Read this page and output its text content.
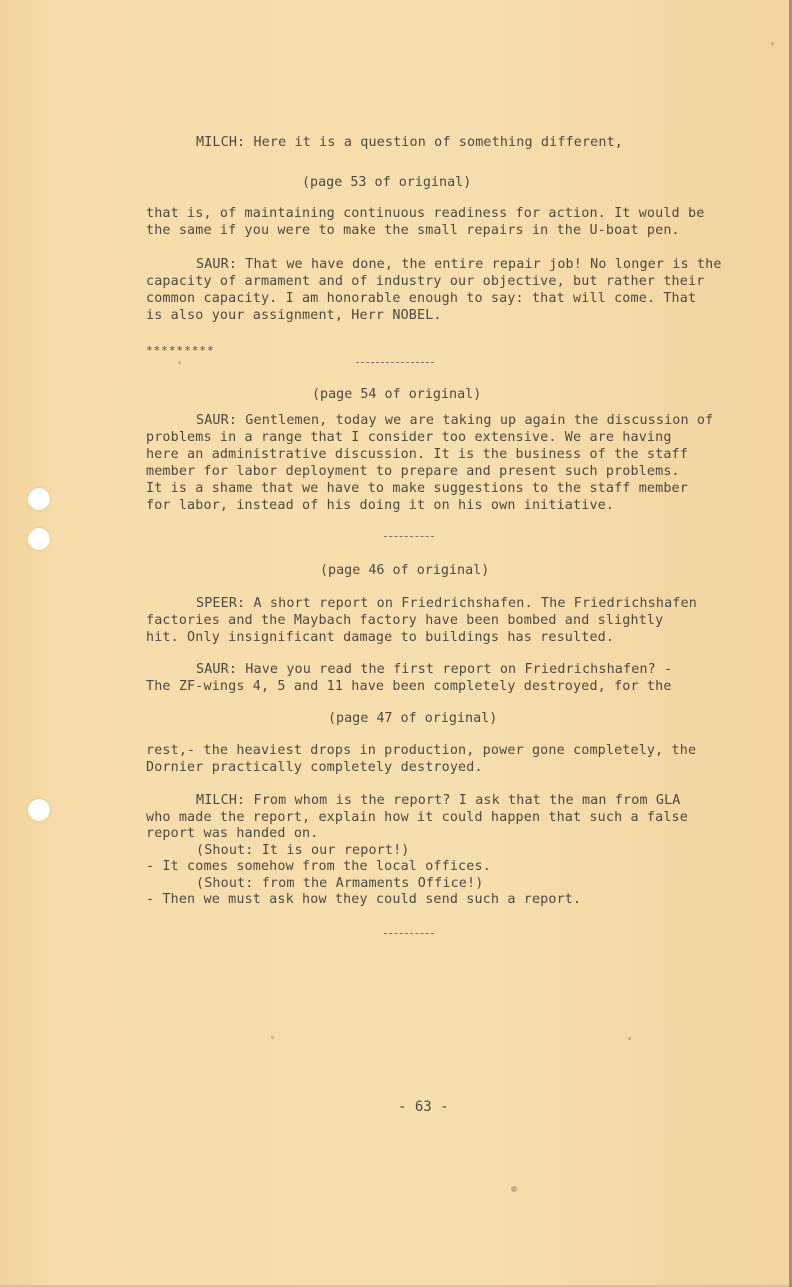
MILCH: Here it is a question of something different,
(page 53 of original)
that is, of maintaining continuous readiness for action. It would be
the same if you were to make the small repairs in the U-boat pen.
SAUR: That we have done, the entire repair job! No longer is the
capacity of armament and of industry our objective, but rather their
common capacity. I am honorable enough to say: that will come. That
is also your assignment, Herr NOBEL.
*********
(page 54 of original)
SAUR: Gentlemen, today we are taking up again the discussion of
problems in a range that I consider too extensive. We are having
here an administrative discussion. It is the business of the staff
member for labor deployment to prepare and present such problems.
It is a shame that we have to make suggestions to the staff member
for labor, instead of his doing it on his own initiative.
(page 46 of original)
SPEER: A short report on Friedrichshafen. The Friedrichshafen
factories and the Maybach factory have been bombed and slightly
hit. Only insignificant damage to buildings has resulted.
SAUR: Have you read the first report on Friedrichshafen? -
The ZF-wings 4, 5 and 11 have been completely destroyed, for the
(page 47 of original)
rest,- the heaviest drops in production, power gone completely, the
Dornier practically completely destroyed.
MILCH: From whom is the report? I ask that the man from GLA
who made the report, explain how it could happen that such a false
report was handed on.
(Shout: It is our report!)
- It comes somehow from the local offices.
(Shout: from the Armaments Office!)
- Then we must ask how they could send such a report.
- 63 -
